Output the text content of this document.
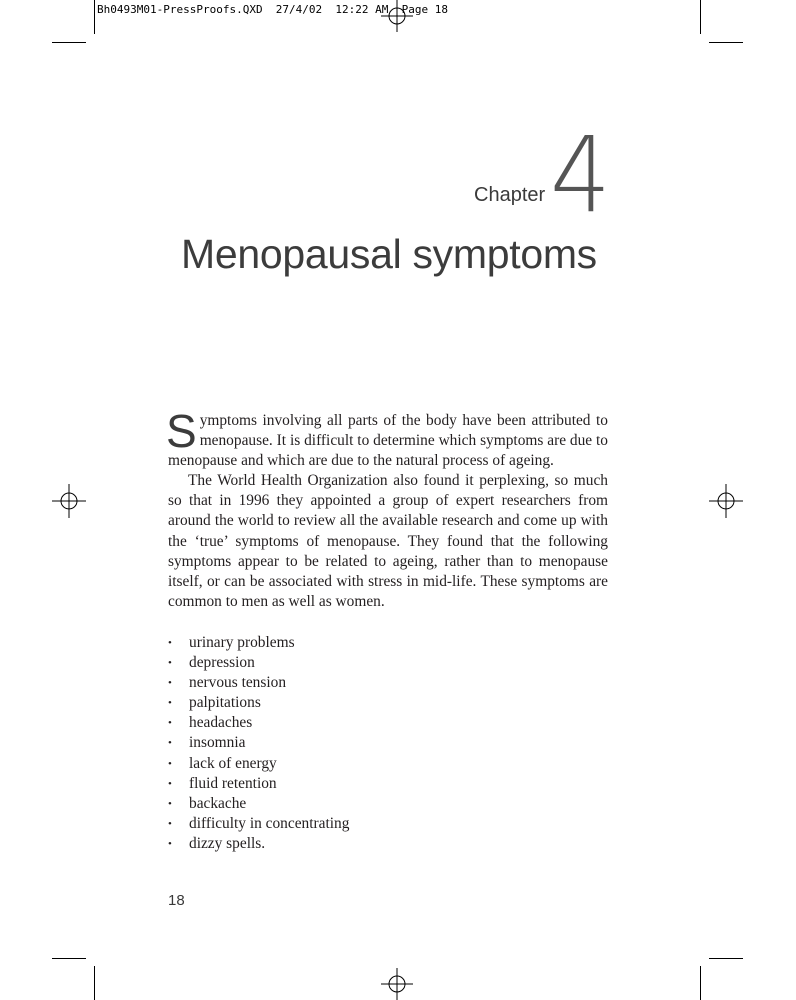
Bh0493M01-PressProofs.QXD  27/4/02  12:22 AM  Page 18

Chapter 4

Menopausal symptoms

Symptoms involving all parts of the body have been attributed to menopause. It is difficult to determine which symptoms are due to menopause and which are due to the natural process of ageing.

The World Health Organization also found it perplexing, so much so that in 1996 they appointed a group of expert researchers from around the world to review all the available research and come up with the ‘true’ symptoms of menopause. They found that the following symptoms appear to be related to ageing, rather than to menopause itself, or can be associated with stress in mid-life. These symptoms are common to men as well as women.

• urinary problems
• depression
• nervous tension
• palpitations
• headaches
• insomnia
• lack of energy
• fluid retention
• backache
• difficulty in concentrating
• dizzy spells.

18
